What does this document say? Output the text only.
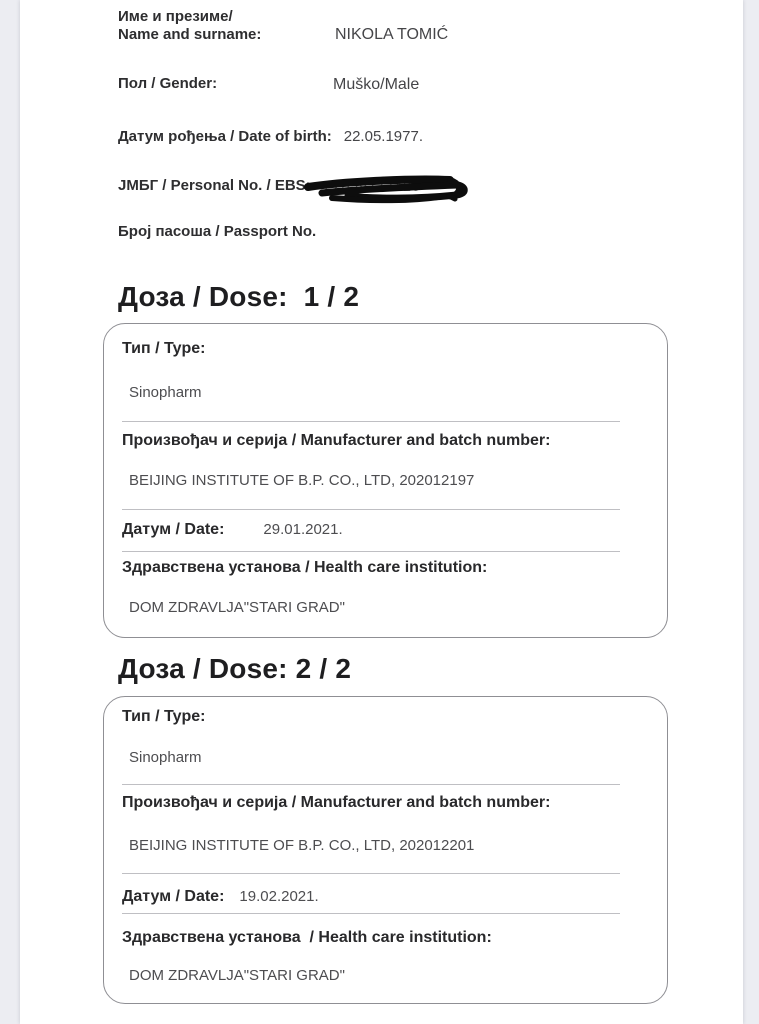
Име и презиме/
Name and surname:	NIKOLA TOMIĆ
Пол / Gender:	Muško/Male
Датум рођења / Date of birth: 22.05.1977.
ЈМБГ / Personal No. / EBS: 22059777420
Број пасоша / Passport No.
Доза / Dose:  1 / 2
Тип / Type:
Sinopharm
Произвођач и серија / Manufacturer and batch number:
BEIJING INSTITUTE OF B.P. CO., LTD, 202012197
Датум / Date:	29.01.2021.
Здравствена установа / Health care institution:
DOM ZDRAVLJA"STARI GRAD"
Доза / Dose: 2 / 2
Тип / Type:
Sinopharm
Произвођач и серија / Manufacturer and batch number:
BEIJING INSTITUTE OF B.P. CO., LTD, 202012201
Датум / Date:	19.02.2021.
Здравствена установа  / Health care institution:
DOM ZDRAVLJA"STARI GRAD"
